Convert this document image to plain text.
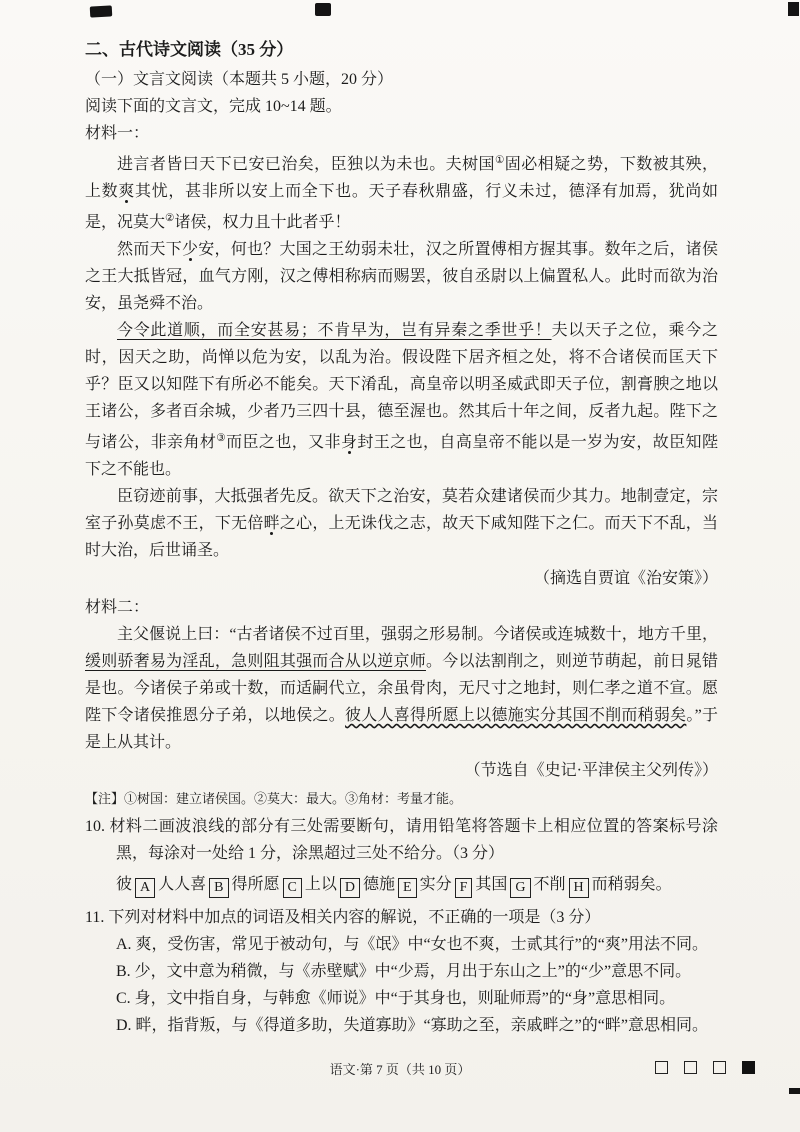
二、古代诗文阅读（35 分）
（一）文言文阅读（本题共 5 小题，20 分）
阅读下面的文言文，完成 10~14 题。
材料一：

进言者皆曰天下已安已治矣，臣独以为未也。夫树国①固必相疑之势，下数被其殃，上数爽其忧，甚非所以安上而全下也。天子春秋鼎盛，行义未过，德泽有加焉，犹尚如是，况莫大②诸侯，权力且十此者乎！

然而天下少安，何也？大国之王幼弱未壮，汉之所置傅相方握其事。数年之后，诸侯之王大抵皆冠，血气方刚，汉之傅相称病而赐罢，彼自丞尉以上偏置私人。此时而欲为治安，虽尧舜不治。

今令此道顺，而全安甚易；不肯早为，岂有异秦之季世乎！夫以天子之位，乘今之时，因天之助，尚惮以危为安，以乱为治。假设陛下居齐桓之处，将不合诸侯而匡天下乎？臣又以知陛下有所必不能矣。天下淆乱，高皇帝以明圣威武即天子位，割膏腴之地以王诸公，多者百余城，少者乃三四十县，德至渥也。然其后十年之间，反者九起。陛下之与诸公，非亲角材③而臣之也，又非身封王之也，自高皇帝不能以是一岁为安，故臣知陛下之不能也。

臣窃迹前事，大抵强者先反。欲天下之治安，莫若众建诸侯而少其力。地制壹定，宗室子孙莫虑不王，下无倍畔之心，上无诛伐之志，故天下咸知陛下之仁。而天下不乱，当时大治，后世诵圣。

（摘选自贾谊《治安策》）
材料二：

主父偃说上曰：“古者诸侯不过百里，强弱之形易制。今诸侯或连城数十，地方千里，缓则骄奢易为淫乱，急则阻其强而合从以逆京师。今以法割削之，则逆节萌起，前日晁错是也。今诸侯子弟或十数，而适嗣代立，余虽骨肉，无尺寸之地封，则仁孝之道不宣。愿陛下令诸侯推恩分子弟，以地侯之。彼人人喜得所愿上以德施实分其国不削而稍弱矣。”于是上从其计。

（节选自《史记·平津侯主父列传》）
【注】①树国：建立诸侯国。②莫大：最大。③角材：考量才能。
10. 材料二画波浪线的部分有三处需要断句，请用铅笔将答题卡上相应位置的答案标号涂黑，每涂对一处给 1 分，涂黑超过三处不给分。（3 分）
彼 A 人人喜 B 得所愿 C 上以 D 德施 E 实分 F 其国 G 不削 H 而稍弱矣。
11. 下列对材料中加点的词语及相关内容的解说，不正确的一项是（3 分）
A. 爽，受伤害，常见于被动句，与《氓》中“女也不爽，士贰其行”的“爽”用法不同。
B. 少，文中意为稍微，与《赤壁赋》中“少焉，月出于东山之上”的“少”意思不同。
C. 身，文中指自身，与韩愈《师说》中“于其身也，则耻师焉”的“身”意思相同。
D. 畔，指背叛，与《得道多助，失道寡助》“寡助之至，亲戚畔之”的“畔”意思相同。
语文·第 7 页（共 10 页）
